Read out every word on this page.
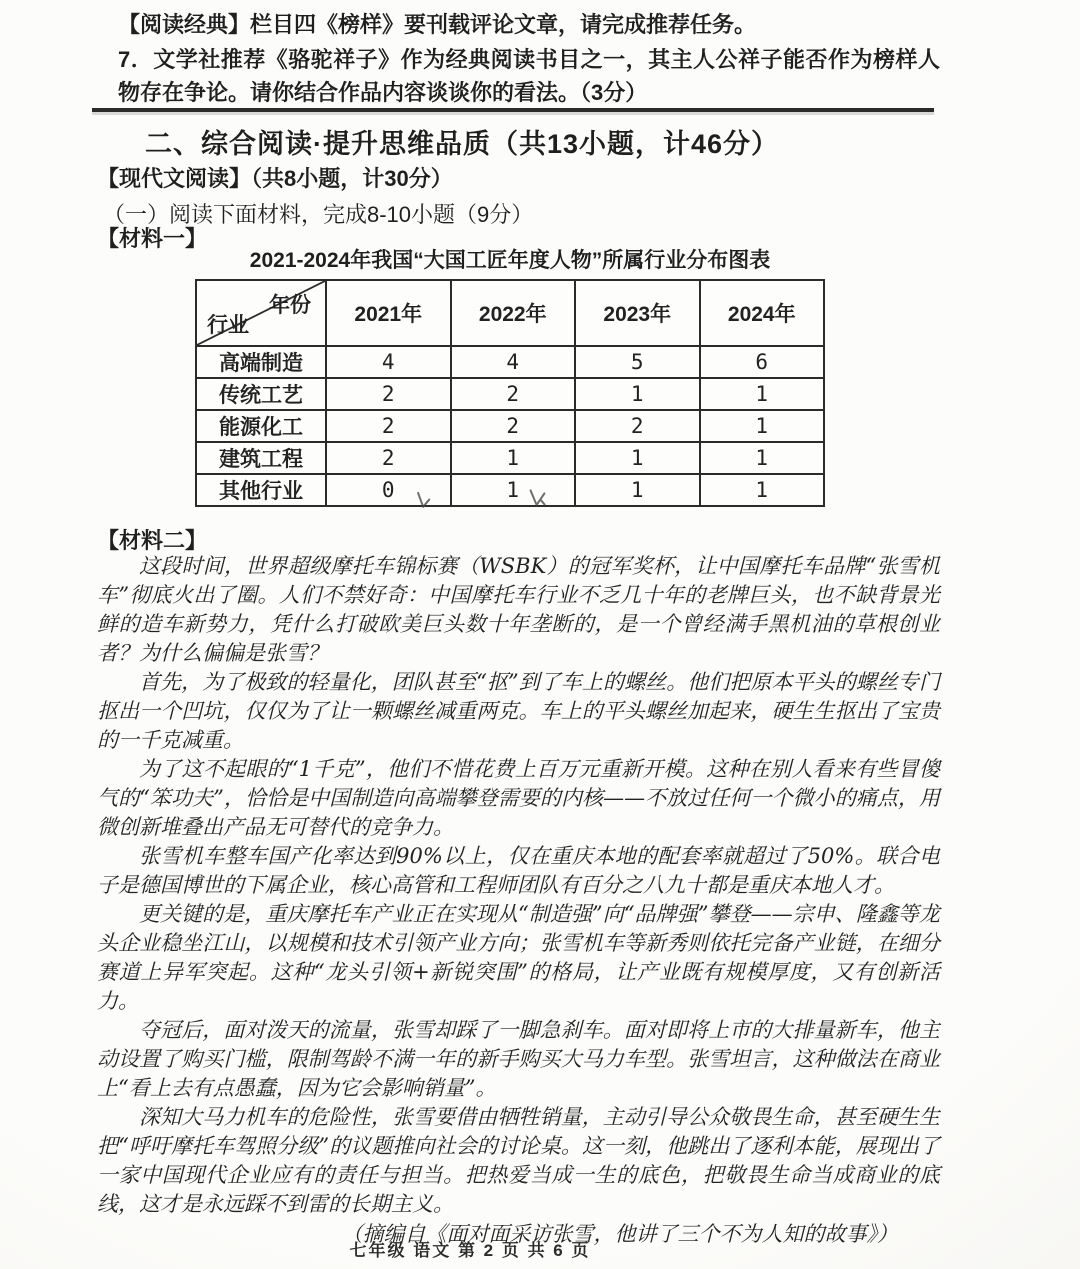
【阅读经典】栏目四《榜样》要刊载评论文章，请完成推荐任务。

7．文学社推荐《骆驼祥子》作为经典阅读书目之一，其主人公祥子能否作为榜样人物存在争论。请你结合作品内容谈谈你的看法。（3分）

二、综合阅读·提升思维品质（共13小题，计46分）

【现代文阅读】（共8小题，计30分）

（一）阅读下面材料，完成8-10小题（9分）

【材料一】

2021-2024年我国“大国工匠年度人物”所属行业分布图表

年份
行业	2021年	2022年	2023年	2024年
高端制造	4	4	5	6
传统工艺	2	2	1	1
能源化工	2	2	2	1
建筑工程	2	1	1	1
其他行业	0	1	1	1

【材料二】

这段时间，世界超级摩托车锦标赛（WSBK）的冠军奖杯，让中国摩托车品牌“张雪机车”彻底火出了圈。人们不禁好奇：中国摩托车行业不乏几十年的老牌巨头，也不缺背景光鲜的造车新势力，凭什么打破欧美巨头数十年垄断的，是一个曾经满手黑机油的草根创业者？为什么偏偏是张雪？

首先，为了极致的轻量化，团队甚至“抠”到了车上的螺丝。他们把原本平头的螺丝专门抠出一个凹坑，仅仅为了让一颗螺丝减重两克。车上的平头螺丝加起来，硬生生抠出了宝贵的一千克减重。

为了这不起眼的“1千克”，他们不惜花费上百万元重新开模。这种在别人看来有些冒傻气的“笨功夫”，恰恰是中国制造向高端攀登需要的内核——不放过任何一个微小的痛点，用微创新堆叠出产品无可替代的竞争力。

张雪机车整车国产化率达到90%以上，仅在重庆本地的配套率就超过了50%。联合电子是德国博世的下属企业，核心高管和工程师团队有百分之八九十都是重庆本地人才。

更关键的是，重庆摩托车产业正在实现从“制造强”向“品牌强”攀登——宗申、隆鑫等龙头企业稳坐江山，以规模和技术引领产业方向；张雪机车等新秀则依托完备产业链，在细分赛道上异军突起。这种“龙头引领+新锐突围”的格局，让产业既有规模厚度，又有创新活力。

夺冠后，面对泼天的流量，张雪却踩了一脚急刹车。面对即将上市的大排量新车，他主动设置了购买门槛，限制驾龄不满一年的新手购买大马力车型。张雪坦言，这种做法在商业上“看上去有点愚蠢，因为它会影响销量”。

深知大马力机车的危险性，张雪要借由牺牲销量，主动引导公众敬畏生命，甚至硬生生把“呼吁摩托车驾照分级”的议题推向社会的讨论桌。这一刻，他跳出了逐利本能，展现出了一家中国现代企业应有的责任与担当。把热爱当成一生的底色，把敬畏生命当成商业的底线，这才是永远踩不到雷的长期主义。

（摘编自《面对面采访张雪，他讲了三个不为人知的故事》）

七年级 语文 第 2 页 共 6 页
